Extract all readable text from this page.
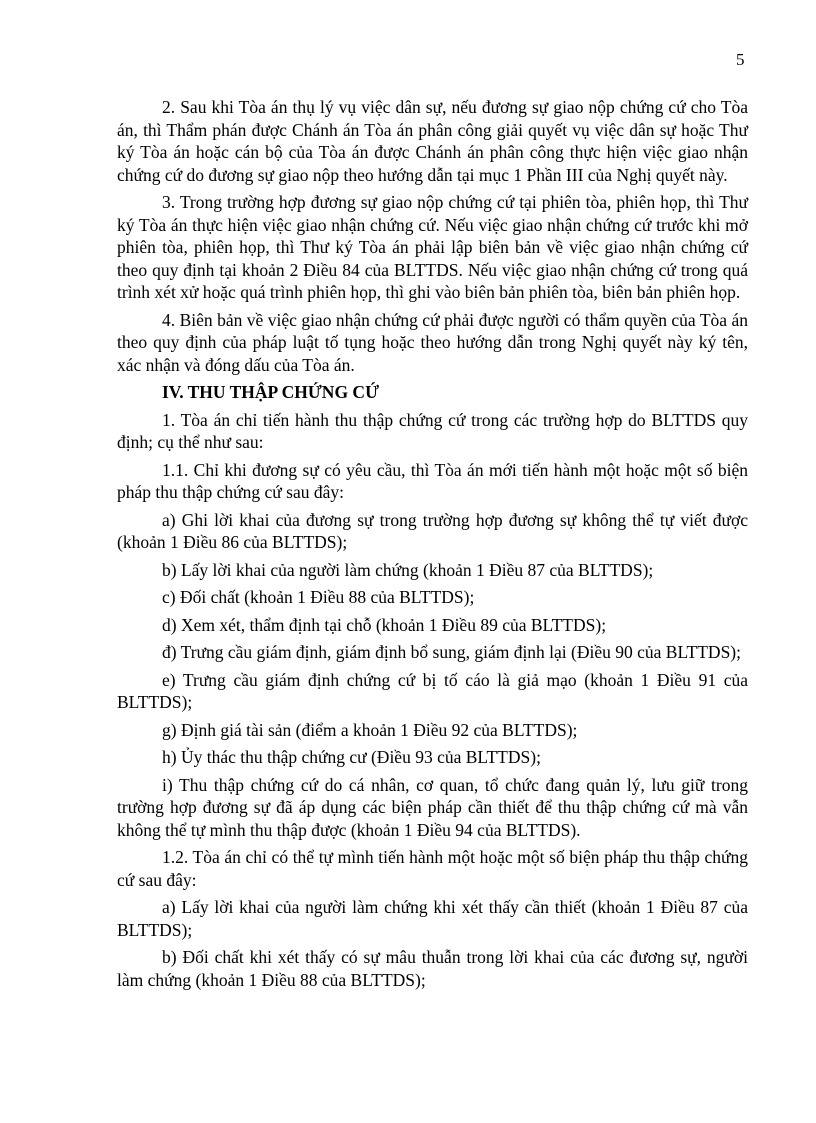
5

2. Sau khi Tòa án thụ lý vụ việc dân sự, nếu đương sự giao nộp chứng cứ cho Tòa án, thì Thẩm phán được Chánh án Tòa án phân công giải quyết vụ việc dân sự hoặc Thư ký Tòa án hoặc cán bộ của Tòa án được Chánh án phân công thực hiện việc giao nhận chứng cứ do đương sự giao nộp theo hướng dẫn tại mục 1 Phần III của Nghị quyết này.

3. Trong trường hợp đương sự giao nộp chứng cứ tại phiên tòa, phiên họp, thì Thư ký Tòa án thực hiện việc giao nhận chứng cứ. Nếu việc giao nhận chứng cứ trước khi mở phiên tòa, phiên họp, thì Thư ký Tòa án phải lập biên bản về việc giao nhận chứng cứ theo quy định tại khoản 2 Điều 84 của BLTTDS. Nếu việc giao nhận chứng cứ trong quá trình xét xử hoặc quá trình phiên họp, thì ghi vào biên bản phiên tòa, biên bản phiên họp.

4. Biên bản về việc giao nhận chứng cứ phải được người có thẩm quyền của Tòa án theo quy định của pháp luật tố tụng hoặc theo hướng dẫn trong Nghị quyết này ký tên, xác nhận và đóng dấu của Tòa án.

IV. THU THẬP CHỨNG CỨ

1. Tòa án chỉ tiến hành thu thập chứng cứ trong các trường hợp do BLTTDS quy định; cụ thể như sau:

1.1. Chỉ khi đương sự có yêu cầu, thì Tòa án mới tiến hành một hoặc một số biện pháp thu thập chứng cứ sau đây:

a) Ghi lời khai của đương sự trong trường hợp đương sự không thể tự viết được (khoản 1 Điều 86 của BLTTDS);

b) Lấy lời khai của người làm chứng (khoản 1 Điều 87 của BLTTDS);

c) Đối chất (khoản 1 Điều 88 của BLTTDS);

d) Xem xét, thẩm định tại chỗ (khoản 1 Điều 89 của BLTTDS);

đ) Trưng cầu giám định, giám định bổ sung, giám định lại (Điều 90 của BLTTDS);

e) Trưng cầu giám định chứng cứ bị tố cáo là giả mạo (khoản 1 Điều 91 của BLTTDS);

g) Định giá tài sản (điểm a khoản 1 Điều 92 của BLTTDS);

h) Ủy thác thu thập chứng cư (Điều 93 của BLTTDS);

i) Thu thập chứng cứ do cá nhân, cơ quan, tổ chức đang quản lý, lưu giữ trong trường hợp đương sự đã áp dụng các biện pháp cần thiết để thu thập chứng cứ mà vẫn không thể tự mình thu thập được (khoản 1 Điều 94 của BLTTDS).

1.2. Tòa án chỉ có thể tự mình tiến hành một hoặc một số biện pháp thu thập chứng cứ sau đây:

a) Lấy lời khai của người làm chứng khi xét thấy cần thiết (khoản 1 Điều 87 của BLTTDS);

b) Đối chất khi xét thấy có sự mâu thuẫn trong lời khai của các đương sự, người làm chứng (khoản 1 Điều 88 của BLTTDS);
